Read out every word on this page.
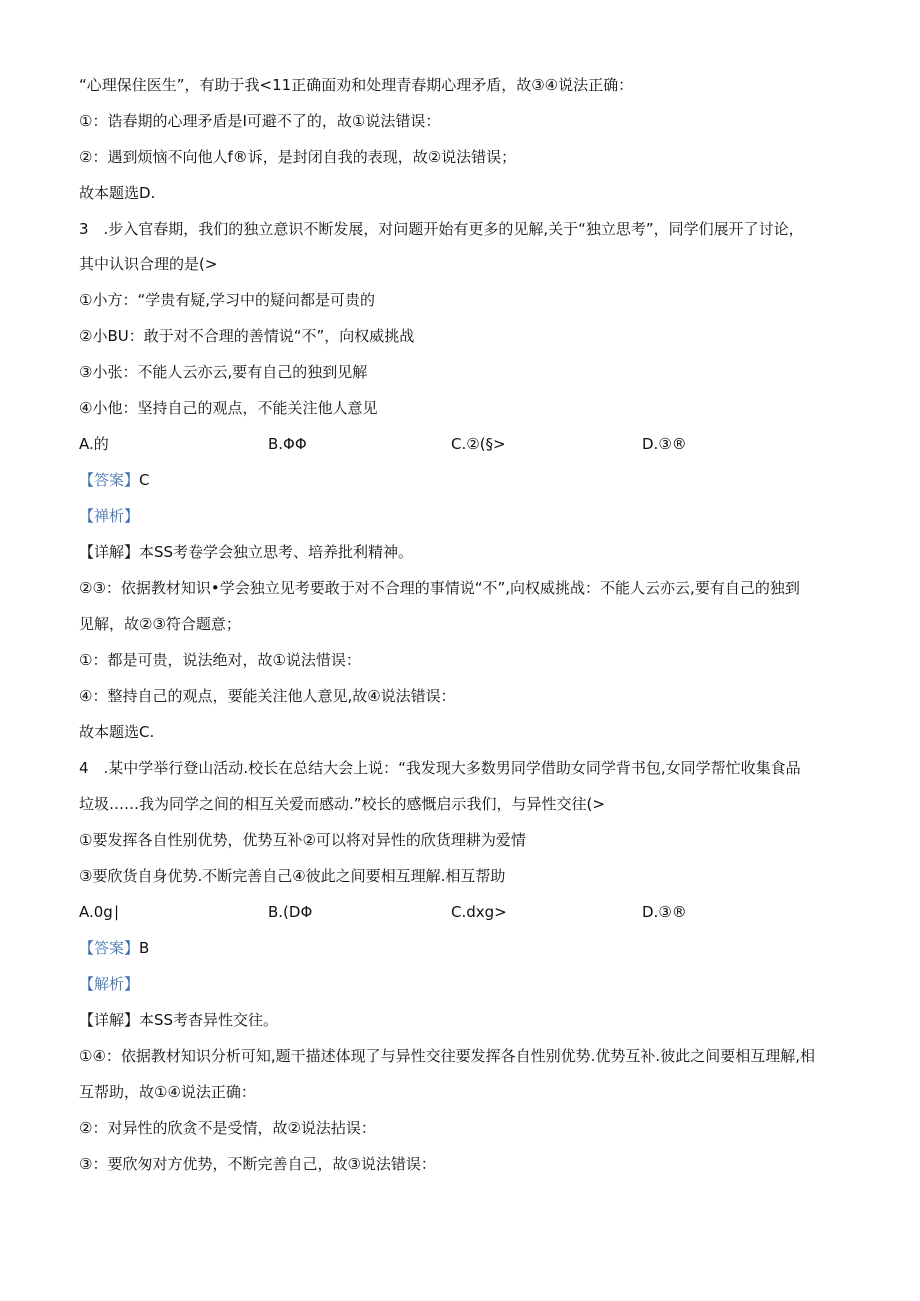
“心理保住医生”，有助于我<11正确面劝和处理青春期心理矛盾，故③④说法正确：
①：诰春期的心理矛盾是I可避不了的，故①说法错误：
②：遇到烦恼不向他人f®诉，是封闭自我的表现，故②说法错误；
故本题选D.
3　.步入官春期，我们的独立意识不断发展，对问题开始有更多的见解,关于“独立思考”，同学们展开了讨论，
其中认识合理的是(>
①小方：“学贵有疑,学习中的疑问都是可贵的
②小BU：敢于对不合理的善情说“不”，向权威挑战
③小张：不能人云亦云,要有自己的独到见解
④小他：坚持自己的观点，不能关注他人意见
A.的	B.ΦΦ	C.②(§>	D.③®
【答案】C
【禅析】
【详解】本SS考卷学会独立思考、培养批利精神。
②③：依据教材知识•学会独立见考要敢于对不合理的事情说“不”,向权威挑战：不能人云亦云,要有自己的独到
见解，故②③符合题意；
①：都是可贵，说法绝对，故①说法惜误：
④：整持自己的观点，要能关注他人意见,故④说法错误：
故本题选C.
4　.某中学举行登山活动.校长在总结大会上说：“我发现大多数男同学借助女同学背书包,女同学帮忙收集食品
垃圾……我为同学之间的相互关爱而感动.”校长的感慨启示我们，与异性交往(>
①要发挥各自性别优势，优势互补②可以将对异性的欣货理耕为爱情
③要欣货自身优势.不断完善自己④彼此之间要相互理解.相互帮助
A.0g∣	B.(DΦ	C.dxg>	D.③®
【答案】B
【解析】
【详解】本SS考杳异性交往。
①④：依据教材知识分析可知,题干描述体现了与异性交往要发挥各自性别优势.优势互补.彼此之间要相互理解,相
互帮助，故①④说法正确：
②：对异性的欣贪不是受情，故②说法拈误：
③：要欣匆对方优势，不断完善自己，故③说法错误：
